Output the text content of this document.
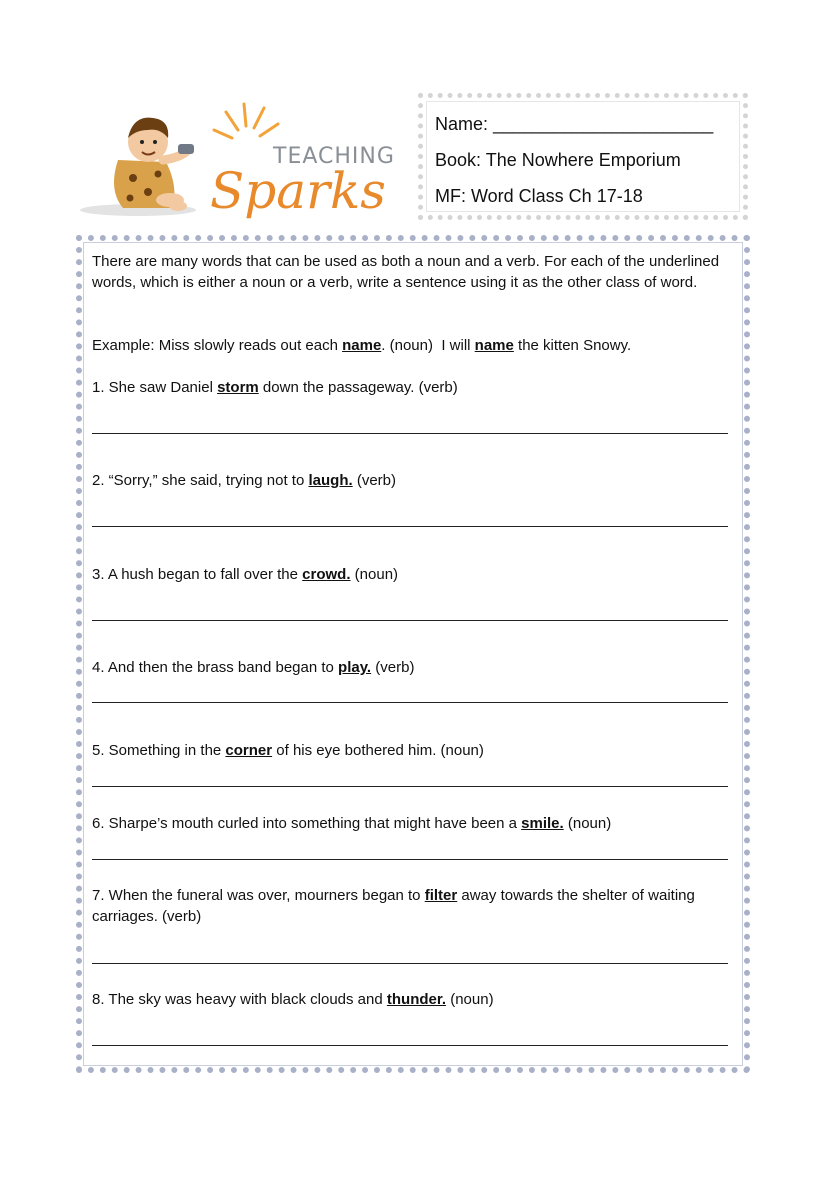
TEACHING
Sparks
Name: ______________________
Book: The Nowhere Emporium
MF: Word Class Ch 17-18
There are many words that can be used as both a noun and a verb. For each of the underlined words, which is either a noun or a verb, write a sentence using it as the other class of word.
Example: Miss slowly reads out each name. (noun)  I will name the kitten Snowy.
1. She saw Daniel storm down the passageway. (verb)
2. “Sorry,” she said, trying not to laugh. (verb)
3. A hush began to fall over the crowd. (noun)
4. And then the brass band began to play. (verb)
5. Something in the corner of his eye bothered him. (noun)
6. Sharpe’s mouth curled into something that might have been a smile. (noun)
7. When the funeral was over, mourners began to filter away towards the shelter of waiting carriages. (verb)
8. The sky was heavy with black clouds and thunder. (noun)
